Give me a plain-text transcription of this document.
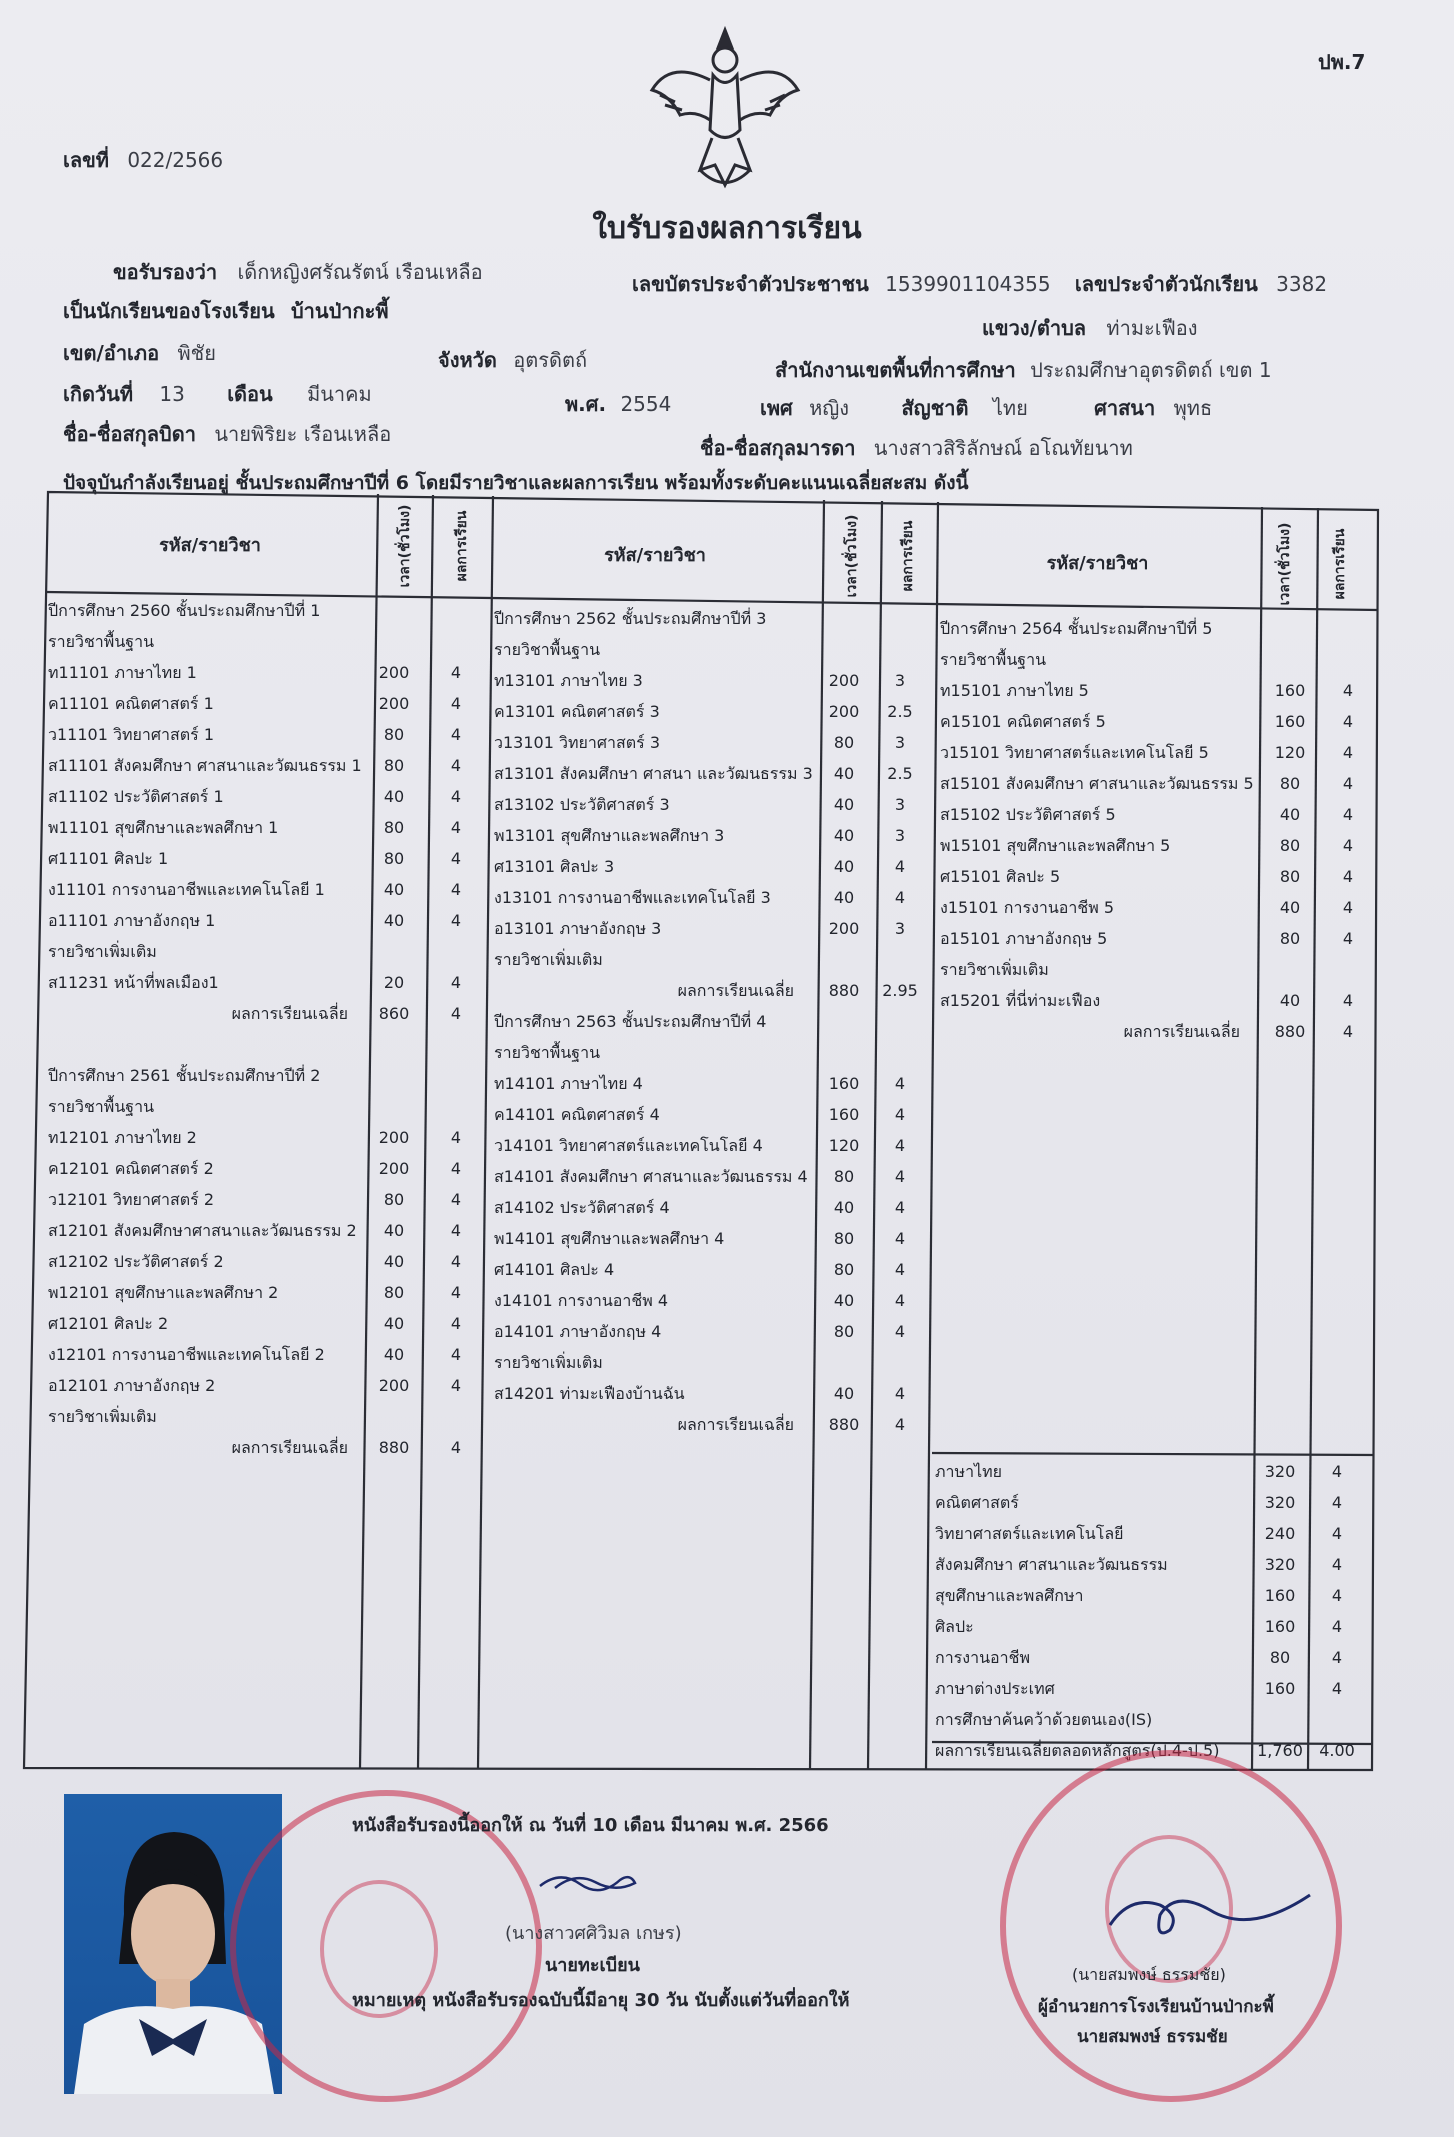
ปพ.7
เลขที่ 022/2566
ใบรับรองผลการเรียน
ขอรับรองว่า เด็กหญิงศรัณรัตน์ เรือนเหลือ	เลขบัตรประจำตัวประชาชน 1539901104355 เลขประจำตัวนักเรียน 3382
เป็นนักเรียนของโรงเรียน บ้านป่ากะพี้
แขวง/ตำบล ท่ามะเฟือง
เขต/อำเภอ พิชัย	จังหวัด อุตรดิตถ์	สำนักงานเขตพื้นที่การศึกษา ประถมศึกษาอุตรดิตถ์ เขต 1
เกิดวันที่ 13 เดือน มีนาคม	พ.ศ. 2554	เพศ หญิง	สัญชาติ ไทย	ศาสนา พุทธ
ชื่อ-ชื่อสกุลบิดา นายพิริยะ เรือนเหลือ
ชื่อ-ชื่อสกุลมารดา นางสาวสิริลักษณ์ อโณทัยนาท
ปัจจุบันกำลังเรียนอยู่ ชั้นประถมศึกษาปีที่ 6 โดยมีรายวิชาและผลการเรียน พร้อมทั้งระดับคะแนนเฉลี่ยสะสม ดังนี้
รหัส/รายวิชา	เวลา(ชั่วโมง)	ผลการเรียน	รหัส/รายวิชา	เวลา(ชั่วโมง)	ผลการเรียน	รหัส/รายวิชา	เวลา(ชั่วโมง)	ผลการเรียน
ปีการศึกษา 2560 ชั้นประถมศึกษาปีที่ 1
รายวิชาพื้นฐาน
ท11101 ภาษาไทย 1	200	4
ค11101 คณิตศาสตร์ 1	200	4
ว11101 วิทยาศาสตร์ 1	80	4
ส11101 สังคมศึกษา ศาสนาและวัฒนธรรม 1	80	4
ส11102 ประวัติศาสตร์ 1	40	4
พ11101 สุขศึกษาและพลศึกษา 1	80	4
ศ11101 ศิลปะ 1	80	4
ง11101 การงานอาชีพและเทคโนโลยี 1	40	4
อ11101 ภาษาอังกฤษ 1	40	4
รายวิชาเพิ่มเติม
ส11231 หน้าที่พลเมือง1	20	4
ผลการเรียนเฉลี่ย	860	4
ปีการศึกษา 2561 ชั้นประถมศึกษาปีที่ 2
รายวิชาพื้นฐาน
ท12101 ภาษาไทย 2	200	4
ค12101 คณิตศาสตร์ 2	200	4
ว12101 วิทยาศาสตร์ 2	80	4
ส12101 สังคมศึกษาศาสนาและวัฒนธรรม 2	40	4
ส12102 ประวัติศาสตร์ 2	40	4
พ12101 สุขศึกษาและพลศึกษา 2	80	4
ศ12101 ศิลปะ 2	40	4
ง12101 การงานอาชีพและเทคโนโลยี 2	40	4
อ12101 ภาษาอังกฤษ 2	200	4
รายวิชาเพิ่มเติม
ผลการเรียนเฉลี่ย	880	4
ปีการศึกษา 2562 ชั้นประถมศึกษาปีที่ 3
รายวิชาพื้นฐาน
ท13101 ภาษาไทย 3	200	3
ค13101 คณิตศาสตร์ 3	200	2.5
ว13101 วิทยาศาสตร์ 3	80	3
ส13101 สังคมศึกษา ศาสนา และวัฒนธรรม 3	40	2.5
ส13102 ประวัติศาสตร์ 3	40	3
พ13101 สุขศึกษาและพลศึกษา 3	40	3
ศ13101 ศิลปะ 3	40	4
ง13101 การงานอาชีพและเทคโนโลยี 3	40	4
อ13101 ภาษาอังกฤษ 3	200	3
รายวิชาเพิ่มเติม
ผลการเรียนเฉลี่ย	880	2.95
ปีการศึกษา 2563 ชั้นประถมศึกษาปีที่ 4
รายวิชาพื้นฐาน
ท14101 ภาษาไทย 4	160	4
ค14101 คณิตศาสตร์ 4	160	4
ว14101 วิทยาศาสตร์และเทคโนโลยี 4	120	4
ส14101 สังคมศึกษา ศาสนาและวัฒนธรรม 4	80	4
ส14102 ประวัติศาสตร์ 4	40	4
พ14101 สุขศึกษาและพลศึกษา 4	80	4
ศ14101 ศิลปะ 4	80	4
ง14101 การงานอาชีพ 4	40	4
อ14101 ภาษาอังกฤษ 4	80	4
รายวิชาเพิ่มเติม
ส14201 ท่ามะเฟืองบ้านฉัน	40	4
ผลการเรียนเฉลี่ย	880	4
ปีการศึกษา 2564 ชั้นประถมศึกษาปีที่ 5
รายวิชาพื้นฐาน
ท15101 ภาษาไทย 5	160	4
ค15101 คณิตศาสตร์ 5	160	4
ว15101 วิทยาศาสตร์และเทคโนโลยี 5	120	4
ส15101 สังคมศึกษา ศาสนาและวัฒนธรรม 5	80	4
ส15102 ประวัติศาสตร์ 5	40	4
พ15101 สุขศึกษาและพลศึกษา 5	80	4
ศ15101 ศิลปะ 5	80	4
ง15101 การงานอาชีพ 5	40	4
อ15101 ภาษาอังกฤษ 5	80	4
รายวิชาเพิ่มเติม
ส15201 ที่นี่ท่ามะเฟือง	40	4
ผลการเรียนเฉลี่ย	880	4
ภาษาไทย	320	4
คณิตศาสตร์	320	4
วิทยาศาสตร์และเทคโนโลยี	240	4
สังคมศึกษา ศาสนาและวัฒนธรรม	320	4
สุขศึกษาและพลศึกษา	160	4
ศิลปะ	160	4
การงานอาชีพ	80	4
ภาษาต่างประเทศ	160	4
การศึกษาค้นคว้าด้วยตนเอง(IS)
ผลการเรียนเฉลี่ยตลอดหลักสูตร(ป.4-ป.5) 1,760	4.00
หนังสือรับรองนี้ออกให้ ณ วันที่ 10 เดือน มีนาคม พ.ศ. 2566
(นางสาวศศิวิมล เกษร)
นายทะเบียน
หมายเหตุ หนังสือรับรองฉบับนี้มีอายุ 30 วัน นับตั้งแต่วันที่ออกให้
(นายสมพงษ์ ธรรมชัย)
ผู้อำนวยการโรงเรียนบ้านป่ากะพี้
นายสมพงษ์ ธรรมชัย
